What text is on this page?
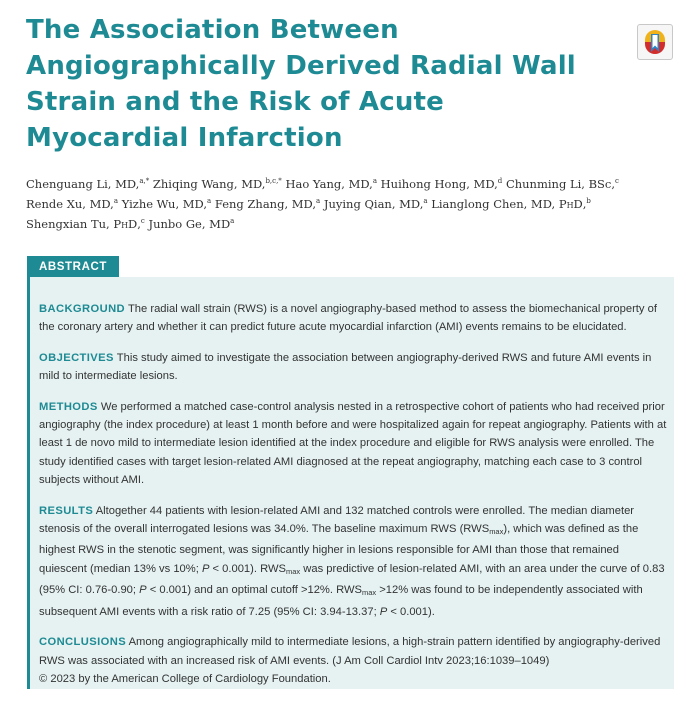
The Association Between Angiographically Derived Radial Wall Strain and the Risk of Acute Myocardial Infarction
Chenguang Li, MD,$^{a,*}$ Zhiqing Wang, MD,$^{b,c,*}$ Hao Yang, MD,$^a$ Huihong Hong, MD,$^d$ Chunming Li, BSc,$^c$
Rende Xu, MD,$^a$ Yizhe Wu, MD,$^a$ Feng Zhang, MD,$^a$ Juying Qian, MD,$^a$ Lianglong Chen, MD, PhD,$^b$
Shengxian Tu, PhD,$^c$ Junbo Ge, $MD^a$
ABSTRACT

BACKGROUND The radial wall strain (RWS) is a novel angiography-based method to assess the biomechanical property of the coronary artery and whether it can predict future acute myocardial infarction (AMI) events remains to be elucidated.

OBJECTIVES This study aimed to investigate the association between angiography-derived RWS and future AMI events in mild to intermediate lesions.

METHODS We performed a matched case-control analysis nested in a retrospective cohort of patients who had received prior angiography (the index procedure) at least 1 month before and were hospitalized again for repeat angiography. Patients with at least 1 de novo mild to intermediate lesion identified at the index procedure and eligible for RWS analysis were enrolled. The study identified cases with target lesion-related AMI diagnosed at the repeat angiography, matching each case to 3 control subjects without AMI.

RESULTS Altogether 44 patients with lesion-related AMI and 132 matched controls were enrolled. The median diameter stenosis of the overall interrogated lesions was 34.0%. The baseline maximum RWS $(RWS_{max})$, which was defined as the highest RWS in the stenotic segment, was significantly higher in lesions responsible for AMI than those that remained quiescent (median 13% vs 10%; P < 0.001). $RWS_{max}$ was predictive of lesion-related AMI, with an area under the curve of 0.83 (95% CI: 0.76-0.90; P < 0.001) and an optimal cutoff >12%. $RWS_{max} >12\%$ was found to be independently associated with subsequent AMI events with a risk ratio of 7.25 (95% CI: 3.94-13.37; P < 0.001).

CONCLUSIONS Among angiographically mild to intermediate lesions, a high-strain pattern identified by angiography-derived RWS was associated with an increased risk of AMI events. (J Am Coll Cardiol Intv 2023;16:1039–1049)
© 2023 by the American College of Cardiology Foundation.
